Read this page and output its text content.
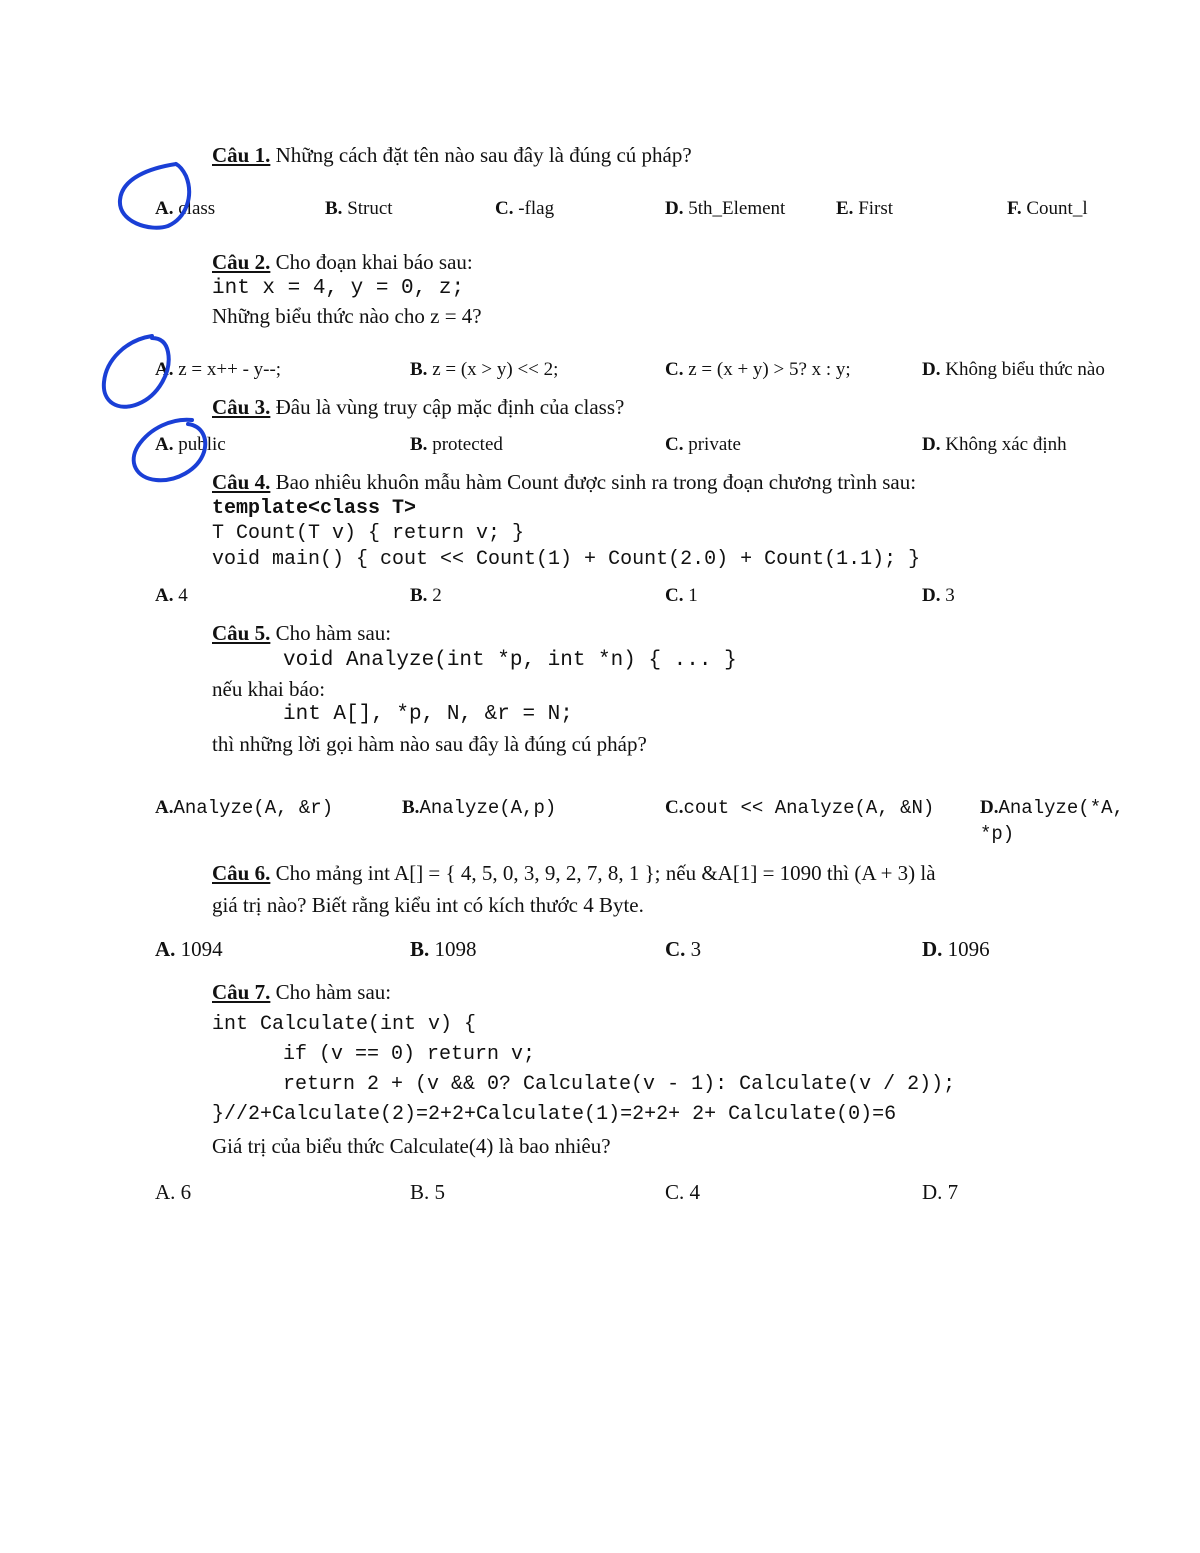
Câu 1. Những cách đặt tên nào sau đây là đúng cú pháp?
A. class	B. Struct	C. -flag	D. 5th_Element	E. First	F. Count_l
Câu 2. Cho đoạn khai báo sau:
int x = 4, y = 0, z;
Những biểu thức nào cho z = 4?
A. z = x++ - y--;	B. z = (x > y) << 2;	C. z = (x + y) > 5? x : y;	D. Không biểu thức nào
Câu 3. Đâu là vùng truy cập mặc định của class?
A. public	B. protected	C. private	D. Không xác định
Câu 4. Bao nhiêu khuôn mẫu hàm Count được sinh ra trong đoạn chương trình sau:
template<class T>
T Count(T v) { return v; }
void main() { cout << Count(1) + Count(2.0) + Count(1.1); }
A. 4	B. 2	C. 1	D. 3
Câu 5. Cho hàm sau:
void Analyze(int *p, int *n) { ... }
nếu khai báo:
int A[], *p, N, &r = N;
thì những lời gọi hàm nào sau đây là đúng cú pháp?
A.Analyze(A, &r)	B.Analyze(A,p)	C.cout << Analyze(A, &N) D.Analyze(*A,
*p)
Câu 6. Cho mảng int A[] = { 4, 5, 0, 3, 9, 2, 7, 8, 1 }; nếu &A[1] = 1090 thì (A + 3) là
giá trị nào? Biết rằng kiểu int có kích thước 4 Byte.
A. 1094	B. 1098	C. 3	D. 1096
Câu 7. Cho hàm sau:
int Calculate(int v) {
if (v == 0) return v;
return 2 + (v && 0? Calculate(v - 1): Calculate(v / 2));
}//2+Calculate(2)=2+2+Calculate(1)=2+2+ 2+ Calculate(0)=6
Giá trị của biểu thức Calculate(4) là bao nhiêu?
A. 6	B. 5	C. 4	D. 7
